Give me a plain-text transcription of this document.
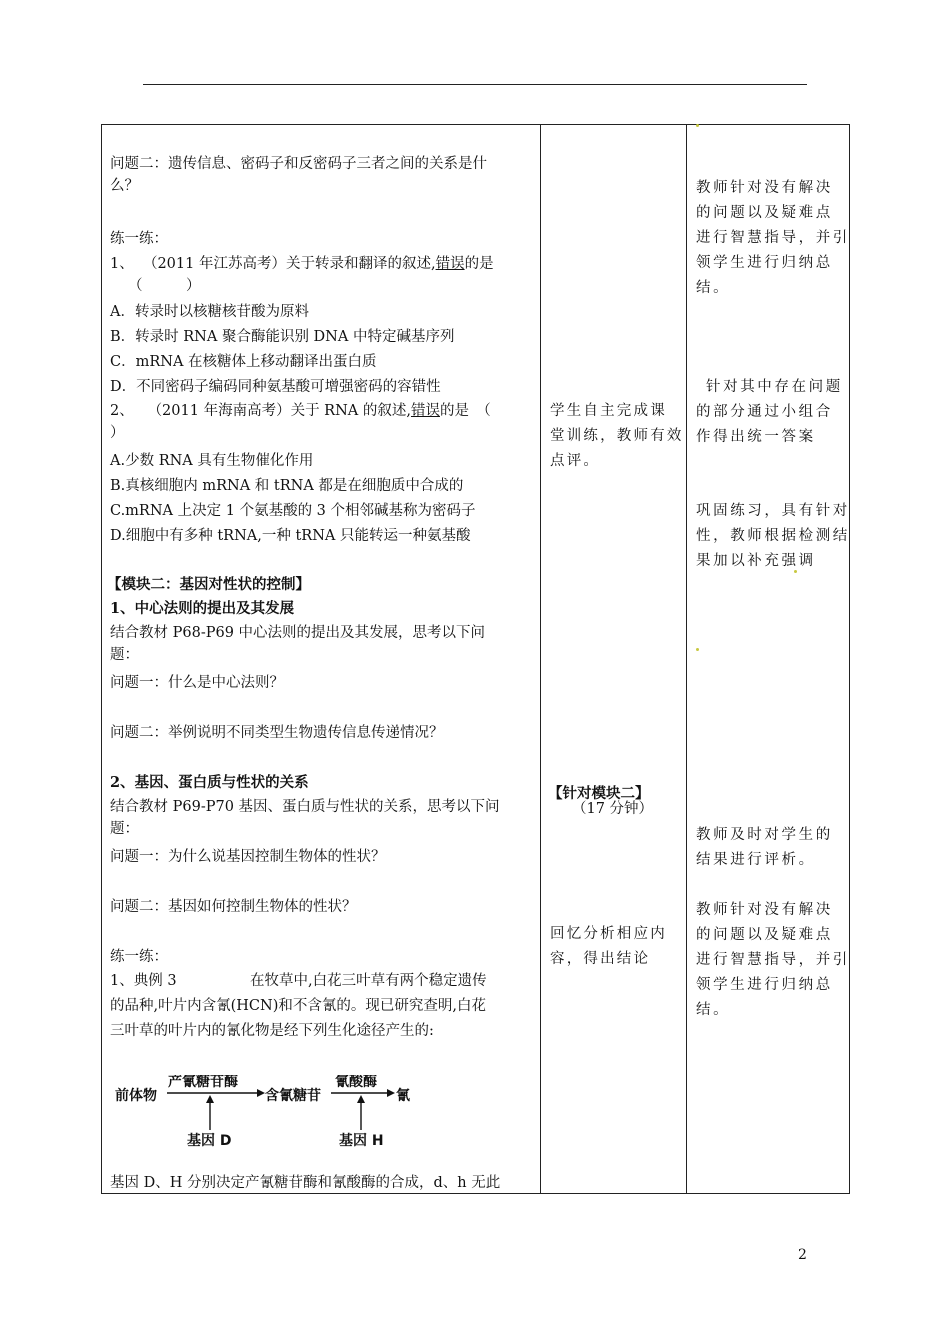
问题二：遗传信息、密码子和反密码子三者之间的关系是什
么？
练一练：
1、 （2011 年江苏高考）关于转录和翻译的叙述,错误的是
（　　　）
A．转录时以核糖核苷酸为原料
B．转录时 RNA 聚合酶能识别 DNA 中特定碱基序列
C．mRNA 在核糖体上移动翻译出蛋白质
D．不同密码子编码同种氨基酸可增强密码的容错性
2、 （2011 年海南高考）关于 RNA 的叙述,错误的是　（
）
A.少数 RNA 具有生物催化作用
B.真核细胞内 mRNA 和 tRNA 都是在细胞质中合成的
C.mRNA 上决定 1 个氨基酸的 3 个相邻碱基称为密码子
D.细胞中有多种 tRNA,一种 tRNA 只能转运一种氨基酸
【模块二：基因对性状的控制】
1、中心法则的提出及其发展
结合教材 P68-P69 中心法则的提出及其发展，思考以下问
题：
问题一：什么是中心法则？
问题二：举例说明不同类型生物遗传信息传递情况？
2、基因、蛋白质与性状的关系
结合教材 P69-P70 基因、蛋白质与性状的关系，思考以下问
题：
问题一：为什么说基因控制生物体的性状？
问题二：基因如何控制生物体的性状？
练一练：
1、典例 3	在牧草中,白花三叶草有两个稳定遗传
的品种,叶片内含氰(HCN)和不含氰的。现已研究查明,白花
三叶草的叶片内的氰化物是经下列生化途径产生的:
基因 D、H 分别决定产氰糖苷酶和氰酸酶的合成，d、h 无此
学生自主完成课
堂训练，教师有效
点评。
【针对模块二】
（17 分钟）
回忆分析相应内
容，得出结论
教师针对没有解决
的问题以及疑难点
进行智慧指导，并引
领学生进行归纳总
结。
针对其中存在问题
的部分通过小组合
作得出统一答案
巩固练习，具有针对
性，教师根据检测结
果加以补充强调
教师及时对学生的
结果进行评析。
教师针对没有解决
的问题以及疑难点
进行智慧指导，并引
领学生进行归纳总
结。
前体物
产氰糖苷酶
含氰糖苷
氰酸酶
氰
基因 D	基因 H
2
